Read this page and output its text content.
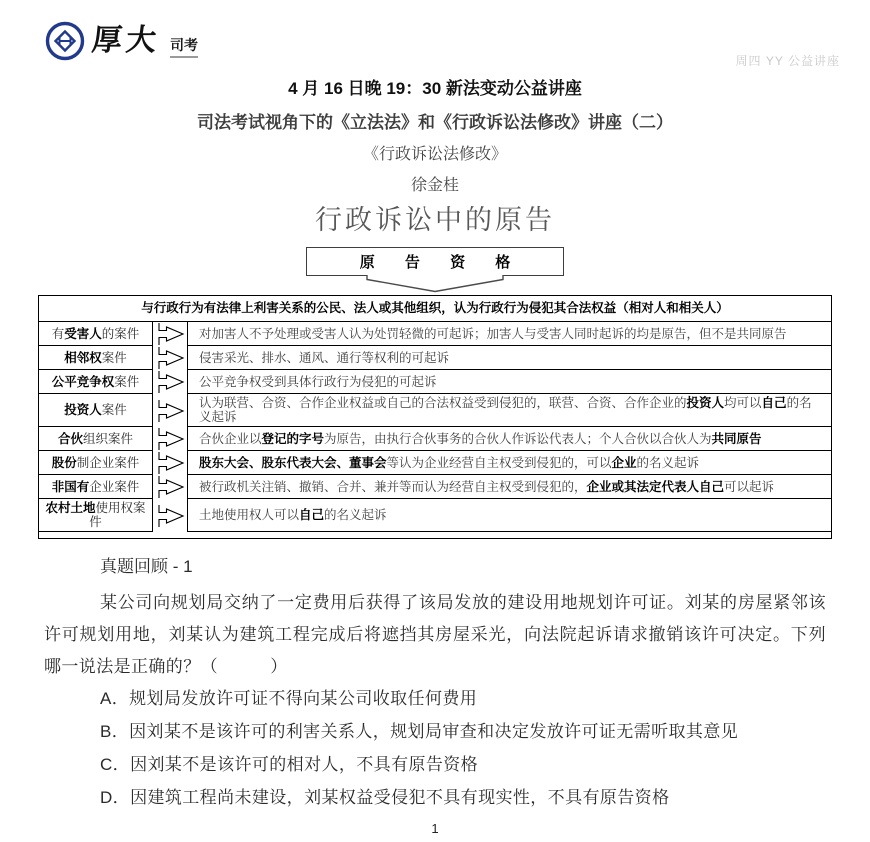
厚大 司考
周四 YY 公益讲座
4 月 16 日晚 19：30 新法变动公益讲座
司法考试视角下的《立法法》和《行政诉讼法修改》讲座（二）
《行政诉讼法修改》
徐金桂
行政诉讼中的原告
原 告 资 格
与行政行为有法律上利害关系的公民、法人或其他组织，认为行政行为侵犯其合法权益（相对人和相关人）
有受害人的案件	对加害人不予处理或受害人认为处罚轻微的可起诉；加害人与受害人同时起诉的均是原告，但不是共同原告
相邻权案件	侵害采光、排水、通风、通行等权利的可起诉
公平竞争权案件	公平竞争权受到具体行政行为侵犯的可起诉
投资人案件	认为联营、合资、合作企业权益或自己的合法权益受到侵犯的，联营、合资、合作企业的投资人均可以自己的名义起诉
合伙组织案件	合伙企业以登记的字号为原告，由执行合伙事务的合伙人作诉讼代表人；个人合伙以合伙人为共同原告
股份制企业案件	股东大会、股东代表大会、董事会等认为企业经营自主权受到侵犯的，可以企业的名义起诉
非国有企业案件	被行政机关注销、撤销、合并、兼并等而认为经营自主权受到侵犯的，企业或其法定代表人自己可以起诉
农村土地使用权案件	土地使用权人可以自己的名义起诉
真题回顾 - 1

某公司向规划局交纳了一定费用后获得了该局发放的建设用地规划许可证。刘某的房屋紧邻该许可规划用地，刘某认为建筑工程完成后将遮挡其房屋采光，向法院起诉请求撤销该许可决定。下列哪一说法是正确的？（　　　）

A．规划局发放许可证不得向某公司收取任何费用
B．因刘某不是该许可的利害关系人，规划局审查和决定发放许可证无需听取其意见
C．因刘某不是该许可的相对人，不具有原告资格
D．因建筑工程尚未建设，刘某权益受侵犯不具有现实性，不具有原告资格
1
